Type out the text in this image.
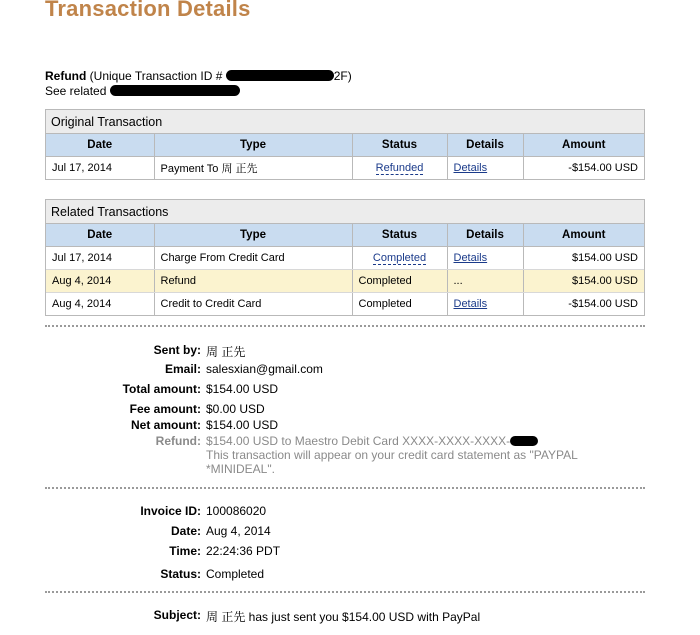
Transaction Details
Refund (Unique Transaction ID #	2F)
See related
Original Transaction
Date	Type	Status	Details	Amount
Jul 17, 2014	Payment To 周 正先	Refunded	Details	-$154.00 USD
Related Transactions
Date	Type	Status	Details	Amount
Jul 17, 2014	Charge From Credit Card	Completed	Details	$154.00 USD
Aug 4, 2014	Refund	Completed	...	$154.00 USD
Aug 4, 2014	Credit to Credit Card	Completed	Details	-$154.00 USD
Sent by: 周 正先
Email: salesxian@gmail.com
Total amount: $154.00 USD
Fee amount: $0.00 USD
Net amount: $154.00 USD
Refund: $154.00 USD to Maestro Debit Card XXXX-XXXX-XXXX-
This transaction will appear on your credit card statement as "PAYPAL *MINIDEAL".
Invoice ID: 100086020
Date: Aug 4, 2014
Time: 22:24:36 PDT
Status: Completed
Subject: 周 正先 has just sent you $154.00 USD with PayPal
